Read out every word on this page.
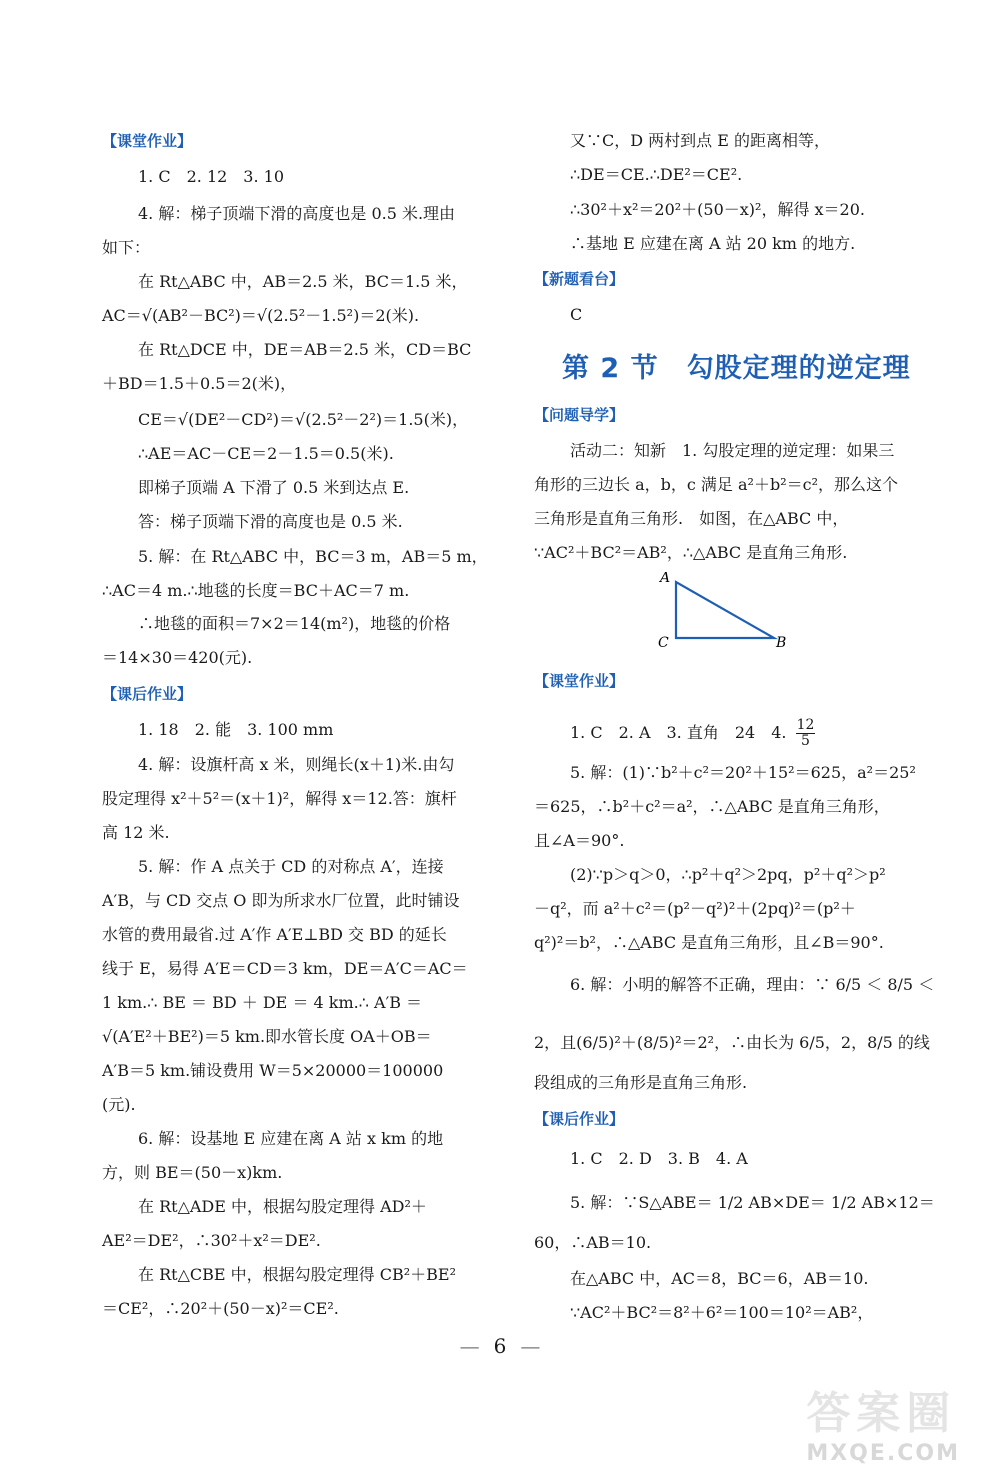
【课堂作业】
1. C　2. 12　3. 10
4. 解：梯子顶端下滑的高度也是 0.5 米.理由
如下：
在 Rt△ABC 中，AB＝2.5 米，BC＝1.5 米，
AC＝√(AB²－BC²)＝√(2.5²－1.5²)＝2(米).
在 Rt△DCE 中，DE＝AB＝2.5 米，CD＝BC
＋BD＝1.5＋0.5＝2(米)，
CE＝√(DE²－CD²)＝√(2.5²－2²)＝1.5(米)，
∴AE＝AC－CE＝2－1.5＝0.5(米).
即梯子顶端 A 下滑了 0.5 米到达点 E.
答：梯子顶端下滑的高度也是 0.5 米.
5. 解：在 Rt△ABC 中，BC＝3 m，AB＝5 m，
∴AC＝4 m.∴地毯的长度＝BC＋AC＝7 m.
∴地毯的面积＝7×2＝14(m²)，地毯的价格
＝14×30＝420(元).
【课后作业】
1. 18　2. 能　3. 100 mm
4. 解：设旗杆高 x 米，则绳长(x＋1)米.由勾
股定理得 x²＋5²＝(x＋1)²，解得 x＝12.答：旗杆
高 12 米.
5. 解：作 A 点关于 CD 的对称点 A′，连接
A′B，与 CD 交点 O 即为所求水厂位置，此时铺设
水管的费用最省.过 A′作 A′E⊥BD 交 BD 的延长
线于 E，易得 A′E＝CD＝3 km，DE＝A′C＝AC＝
1 km.∴ BE ＝ BD ＋ DE ＝ 4 km.∴ A′B ＝
√(A′E²＋BE²)＝5 km.即水管长度 OA＋OB＝
A′B＝5 km.铺设费用 W＝5×20000＝100000
(元).
6. 解：设基地 E 应建在离 A 站 x km 的地
方，则 BE＝(50－x)km.
在 Rt△ADE 中，根据勾股定理得 AD²＋
AE²＝DE²，∴30²＋x²＝DE².
在 Rt△CBE 中，根据勾股定理得 CB²＋BE²
＝CE²，∴20²＋(50－x)²＝CE².
又∵C，D 两村到点 E 的距离相等，
∴DE＝CE.∴DE²＝CE².
∴30²＋x²＝20²＋(50－x)²，解得 x＝20.
∴基地 E 应建在离 A 站 20 km 的地方.
【新题看台】
C
第 2 节　勾股定理的逆定理
【问题导学】
活动二：知新　1. 勾股定理的逆定理：如果三
角形的三边长 a，b，c 满足 a²＋b²＝c²，那么这个
三角形是直角三角形.　如图，在△ABC 中，
∵AC²＋BC²＝AB²，∴△ABC 是直角三角形.
A
C	B
【课堂作业】
1. C　2. A　3. 直角　24　4. $\frac{12}{5}$
5. 解：(1)∵b²＋c²＝20²＋15²＝625，a²＝25²
＝625，∴b²＋c²＝a²，∴△ABC 是直角三角形，
且∠A＝90°.
(2)∵p＞q＞0，∴p²＋q²＞2pq，p²＋q²＞p²
－q²，而 a²＋c²＝(p²－q²)²＋(2pq)²＝(p²＋
q²)²＝b²，∴△ABC 是直角三角形，且∠B＝90°.
6. 解：小明的解答不正确，理由：∵ 6/5 ＜ 8/5 ＜
2，且(6/5)²＋(8/5)²＝2²，∴由长为 6/5，2，8/5 的线
段组成的三角形是直角三角形.
【课后作业】
1. C　2. D　3. B　4. A
5. 解：∵S△ABE＝ 1/2 AB×DE＝ 1/2 AB×12＝
60，∴AB＝10.
在△ABC 中，AC＝8，BC＝6，AB＝10.
∵AC²＋BC²＝8²＋6²＝100＝10²＝AB²，
— 6 —
答案圈
MXQE.COM
